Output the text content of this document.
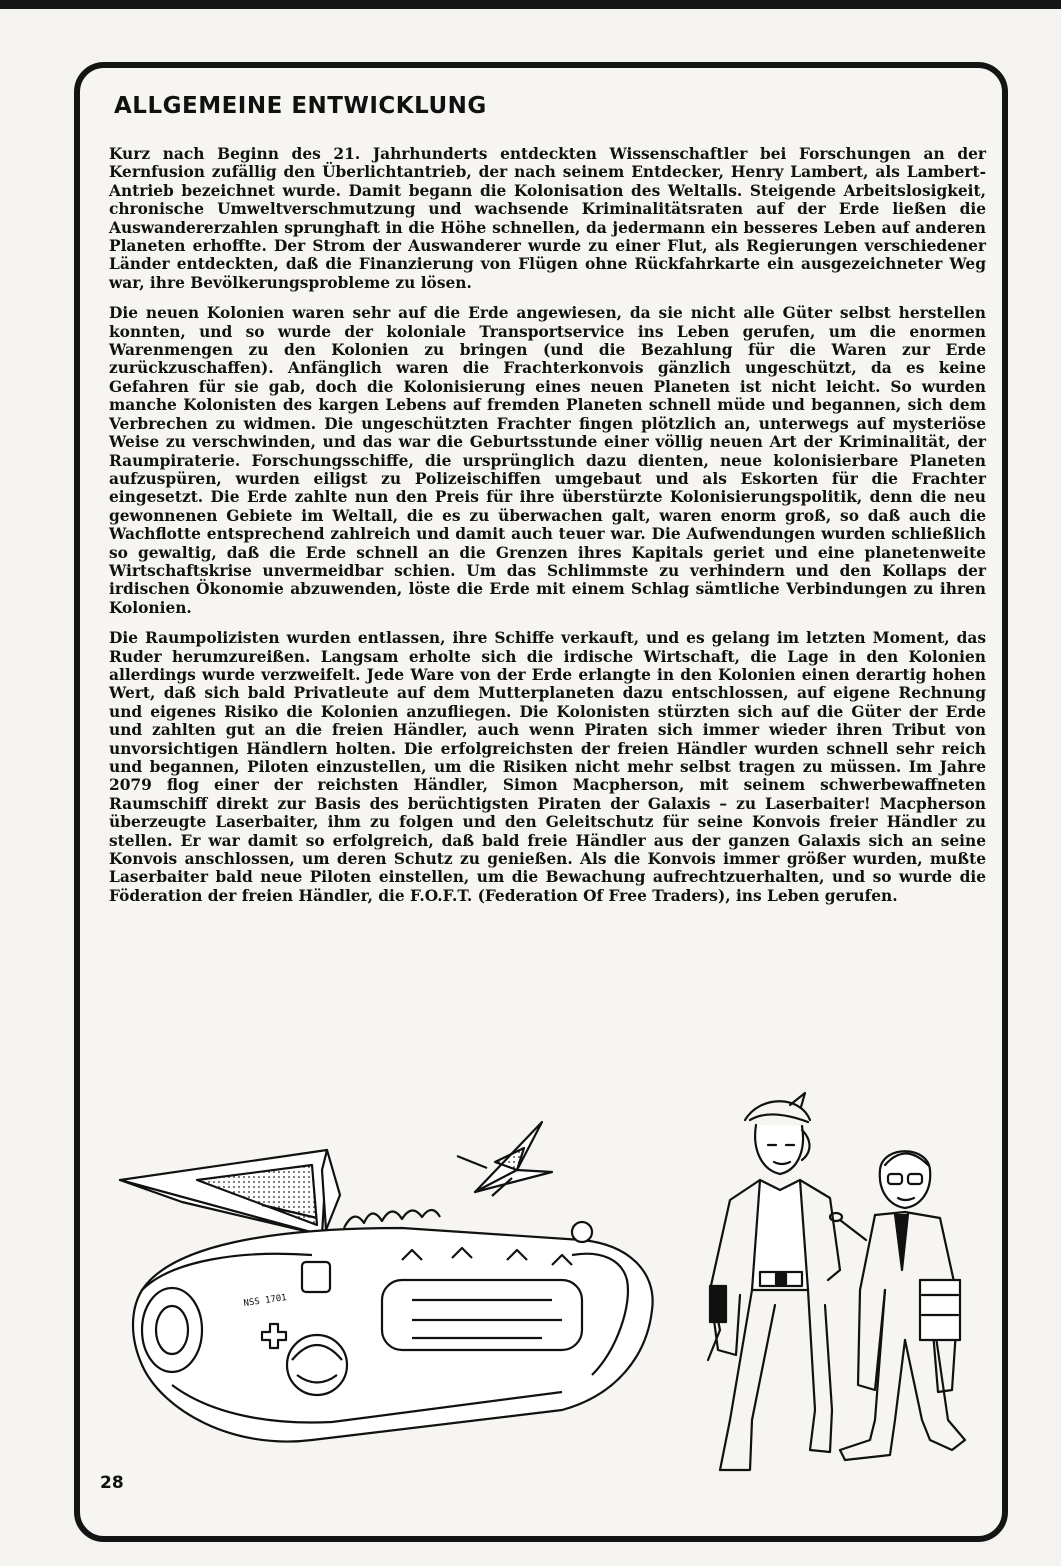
ALLGEMEINE ENTWICKLUNG

Kurz nach Beginn des 21. Jahrhunderts entdeckten Wissenschaftler bei Forschungen an der Kernfusion zufällig den Überlichtantrieb, der nach seinem Entdecker, Henry Lambert, als Lambert-Antrieb bezeichnet wurde. Damit begann die Kolonisation des Weltalls. Steigende Arbeitslosigkeit, chronische Umweltverschmutzung und wachsende Kriminalitätsraten auf der Erde ließen die Auswandererzahlen sprunghaft in die Höhe schnellen, da jedermann ein besseres Leben auf anderen Planeten erhoffte. Der Strom der Auswanderer wurde zu einer Flut, als Regierungen verschiedener Länder entdeckten, daß die Finanzierung von Flügen ohne Rückfahrkarte ein ausgezeichneter Weg war, ihre Bevölkerungsprobleme zu lösen.

Die neuen Kolonien waren sehr auf die Erde angewiesen, da sie nicht alle Güter selbst herstellen konnten, und so wurde der koloniale Transportservice ins Leben gerufen, um die enormen Warenmengen zu den Kolonien zu bringen (und die Bezahlung für die Waren zur Erde zurückzuschaffen). Anfänglich waren die Frachterkonvois gänzlich ungeschützt, da es keine Gefahren für sie gab, doch die Kolonisierung eines neuen Planeten ist nicht leicht. So wurden manche Kolonisten des kargen Lebens auf fremden Planeten schnell müde und begannen, sich dem Verbrechen zu widmen. Die ungeschützten Frachter fingen plötzlich an, unterwegs auf mysteriöse Weise zu verschwinden, und das war die Geburtsstunde einer völlig neuen Art der Kriminalität, der Raumpiraterie. Forschungsschiffe, die ursprünglich dazu dienten, neue kolonisierbare Planeten aufzuspüren, wurden eiligst zu Polizeischiffen umgebaut und als Eskorten für die Frachter eingesetzt. Die Erde zahlte nun den Preis für ihre überstürzte Kolonisierungspolitik, denn die neu gewonnenen Gebiete im Weltall, die es zu überwachen galt, waren enorm groß, so daß auch die Wachflotte entsprechend zahlreich und damit auch teuer war. Die Aufwendungen wurden schließlich so gewaltig, daß die Erde schnell an die Grenzen ihres Kapitals geriet und eine planetenweite Wirtschaftskrise unvermeidbar schien. Um das Schlimmste zu verhindern und den Kollaps der irdischen Ökonomie abzuwenden, löste die Erde mit einem Schlag sämtliche Verbindungen zu ihren Kolonien.

Die Raumpolizisten wurden entlassen, ihre Schiffe verkauft, und es gelang im letzten Moment, das Ruder herumzureißen. Langsam erholte sich die irdische Wirtschaft, die Lage in den Kolonien allerdings wurde verzweifelt. Jede Ware von der Erde erlangte in den Kolonien einen derartig hohen Wert, daß sich bald Privatleute auf dem Mutterplaneten dazu entschlossen, auf eigene Rechnung und eigenes Risiko die Kolonien anzufliegen. Die Kolonisten stürzten sich auf die Güter der Erde und zahlten gut an die freien Händler, auch wenn Piraten sich immer wieder ihren Tribut von unvorsichtigen Händlern holten. Die erfolgreichsten der freien Händler wurden schnell sehr reich und begannen, Piloten einzustellen, um die Risiken nicht mehr selbst tragen zu müssen. Im Jahre 2079 flog einer der reichsten Händler, Simon Macpherson, mit seinem schwerbewaffneten Raumschiff direkt zur Basis des berüchtigsten Piraten der Galaxis – zu Laserbaiter! Macpherson überzeugte Laserbaiter, ihm zu folgen und den Geleitschutz für seine Konvois freier Händler zu stellen. Er war damit so erfolgreich, daß bald freie Händler aus der ganzen Galaxis sich an seine Konvois anschlossen, um deren Schutz zu genießen. Als die Konvois immer größer wurden, mußte Laserbaiter bald neue Piloten einstellen, um die Bewachung aufrechtzuerhalten, und so wurde die Föderation der freien Händler, die F.O.F.T. (Federation Of Free Traders), ins Leben gerufen.

NSS 1701
28
